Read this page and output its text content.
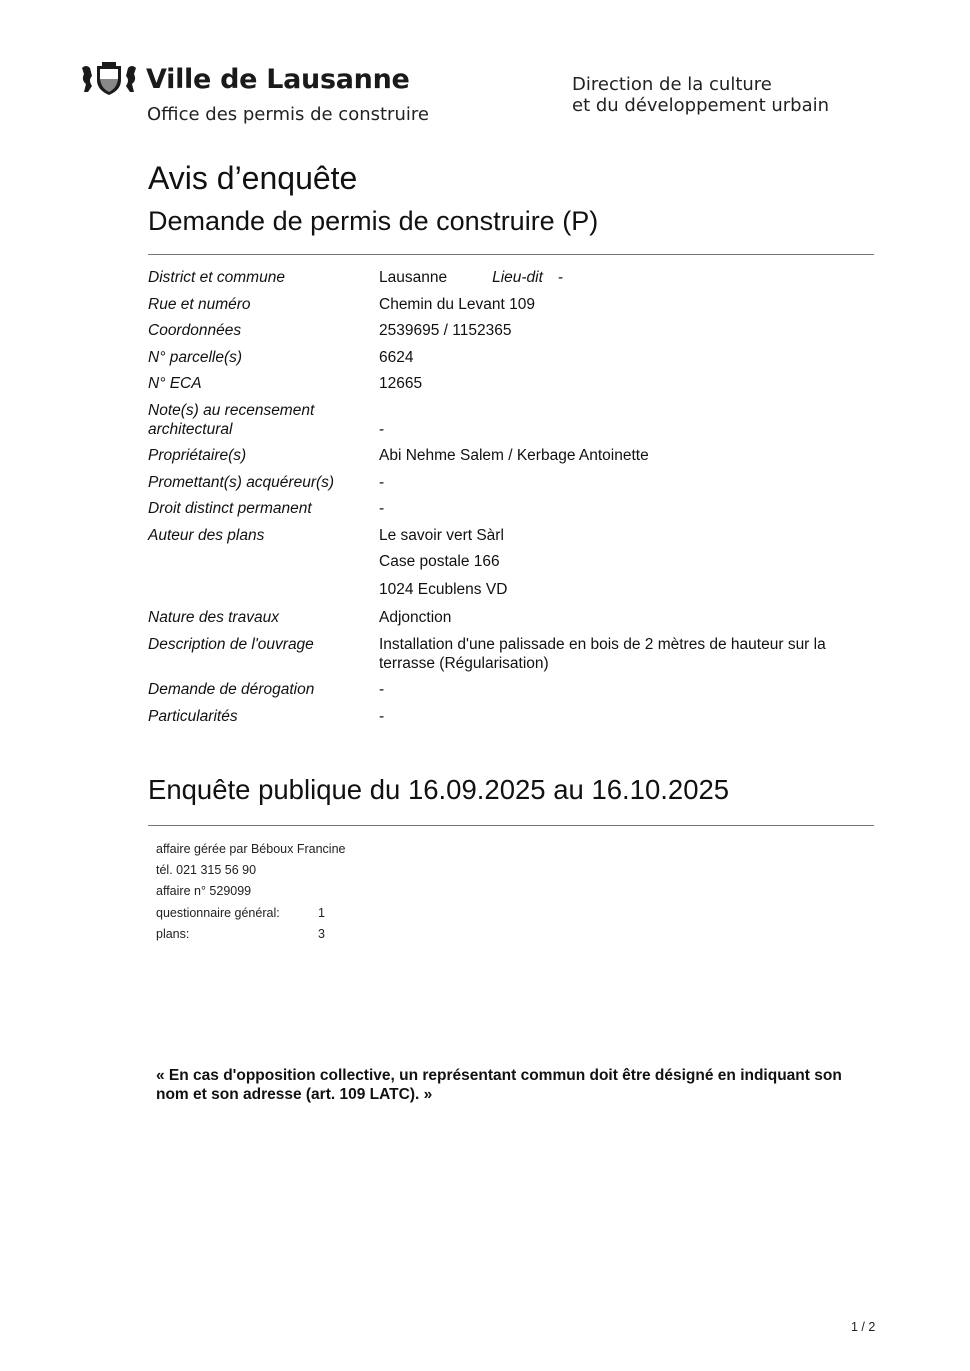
Ville de Lausanne
Office des permis de construire
Direction de la culture
et du développement urbain
Avis d’enquête
Demande de permis de construire (P)
District et commune	Lausanne	Lieu-dit -
Rue et numéro	Chemin du Levant 109
Coordonnées	2539695 / 1152365
N° parcelle(s)	6624
N° ECA	12665
Note(s) au recensement
architectural	-
Propriétaire(s)	Abi Nehme Salem / Kerbage Antoinette
Promettant(s) acquéreur(s)	-
Droit distinct permanent	-
Auteur des plans	Le savoir vert Sàrl
Case postale 166
1024 Ecublens VD
Nature des travaux	Adjonction
Description de l'ouvrage	Installation d'une palissade en bois de 2 mètres de hauteur sur la terrasse (Régularisation)
Demande de dérogation	-
Particularités	-
Enquête publique du 16.09.2025 au 16.10.2025
affaire gérée par Béboux Francine
tél. 021 315 56 90
affaire n° 529099
questionnaire général:	1
plans:	3
« En cas d'opposition collective, un représentant commun doit être désigné en indiquant son nom et son adresse (art. 109 LATC). »
1 / 2
